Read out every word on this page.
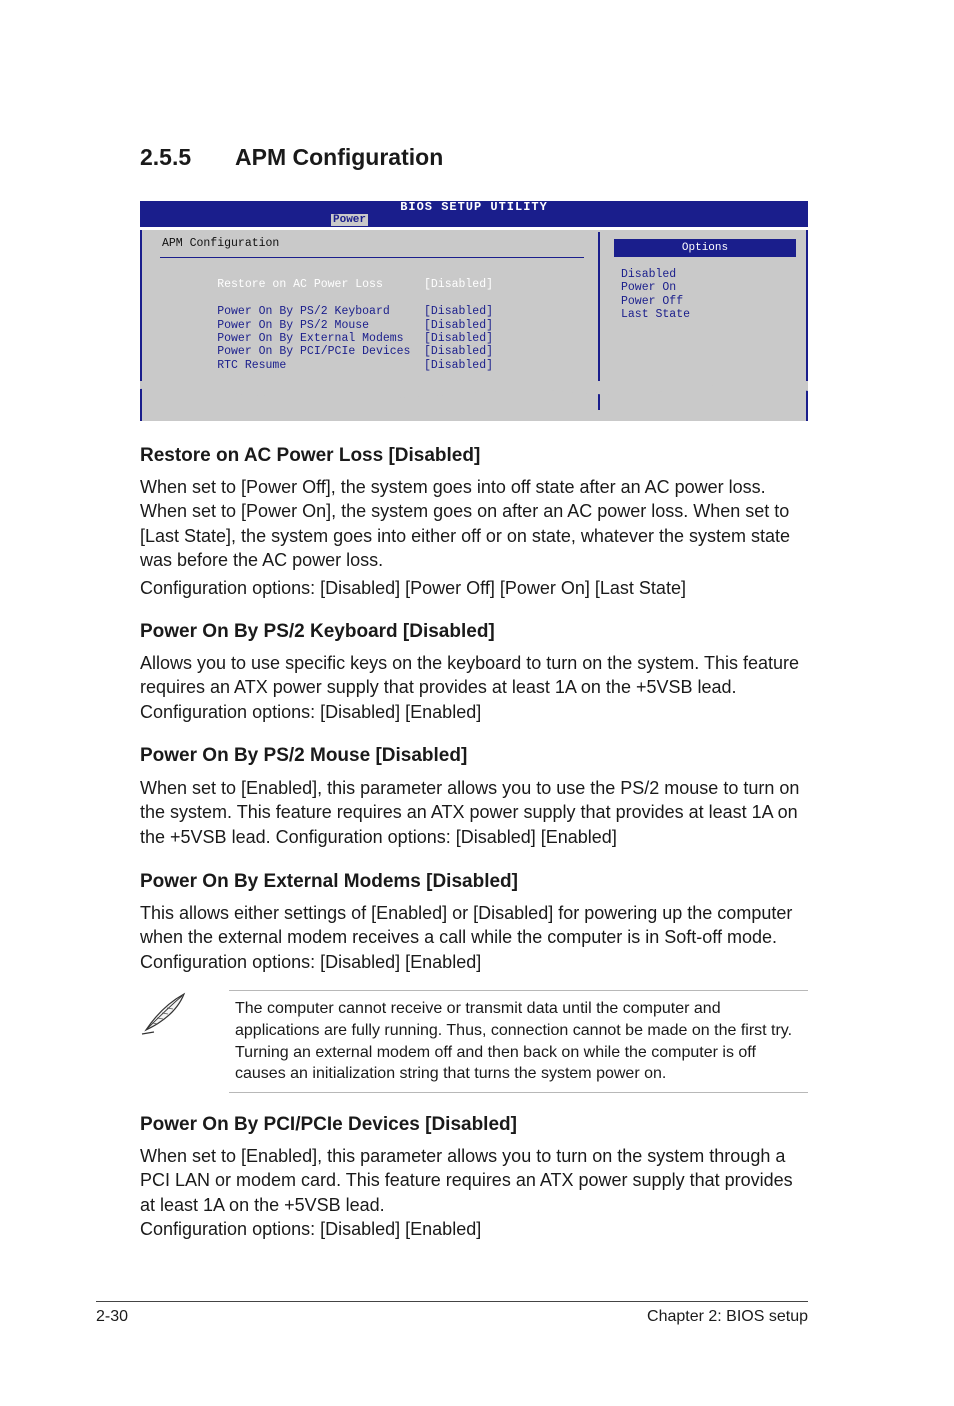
2.5.5 APM Configuration
BIOS SETUP UTILITY
Power
APM Configuration

Restore on AC Power Loss	[Disabled]

Power On By PS/2 Keyboard	[Disabled]

Power On By PS/2 Mouse	[Disabled]

Power On By External Modems [Disabled]

Power On By PCI/PCIe Devices [Disabled]

RTC Resume	[Disabled]

Options
Disabled
Power On
Power Off
Last State
Restore on AC Power Loss [Disabled]

When set to [Power Off], the system goes into off state after an AC power loss. When set to [Power On], the system goes on after an AC power loss. When set to [Last State], the system goes into either off or on state, whatever the system state was before the AC power loss.

Configuration options: [Disabled] [Power Off] [Power On] [Last State]

Power On By PS/2 Keyboard [Disabled]

Allows you to use specific keys on the keyboard to turn on the system. This feature requires an ATX power supply that provides at least 1A on the +5VSB lead.

Configuration options: [Disabled] [Enabled]

Power On By PS/2 Mouse [Disabled]

When set to [Enabled], this parameter allows you to use the PS/2 mouse to turn on the system. This feature requires an ATX power supply that provides at least 1A on the +5VSB lead. Configuration options: [Disabled] [Enabled]

Power On By External Modems [Disabled]

This allows either settings of [Enabled] or [Disabled] for powering up the computer when the external modem receives a call while the computer is in Soft-off mode.

Configuration options: [Disabled] [Enabled]

The computer cannot receive or transmit data until the computer and applications are fully running. Thus, connection cannot be made on the first try. Turning an external modem off and then back on while the computer is off causes an initialization string that turns the system power on.
Power On By PCI/PCIe Devices [Disabled]

When set to [Enabled], this parameter allows you to turn on the system through a PCI LAN or modem card. This feature requires an ATX power supply that provides at least 1A on the +5VSB lead.

Configuration options: [Disabled] [Enabled]

2-30	Chapter 2: BIOS setup
